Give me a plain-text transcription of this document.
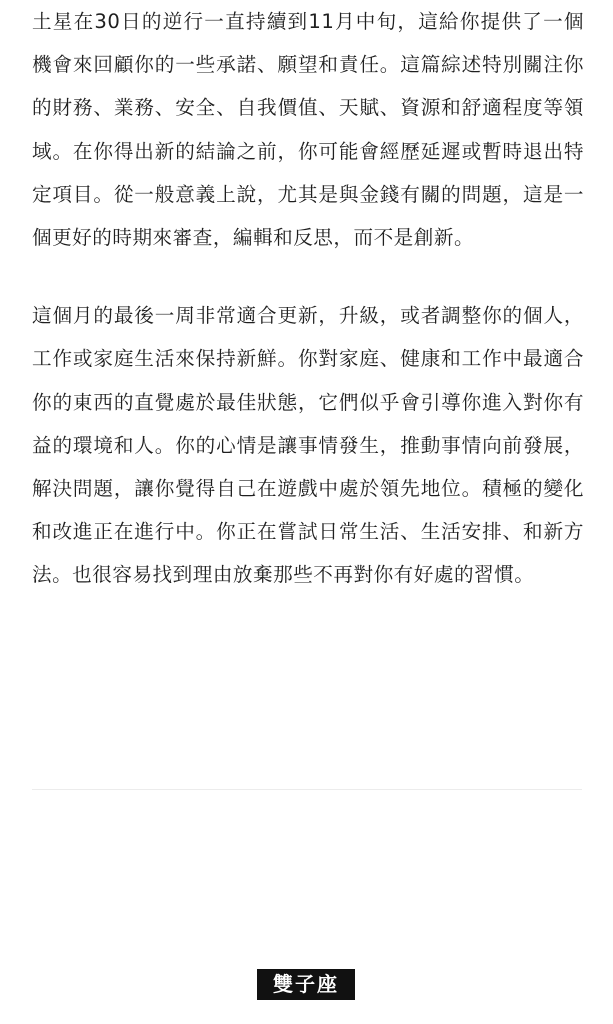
土星在30日的逆行一直持續到11月中旬，這給你提供了一個機會來回顧你的一些承諾、願望和責任。這篇綜述特別關注你的財務、業務、安全、自我價值、天賦、資源和舒適程度等領域。在你得出新的結論之前，你可能會經歷延遲或暫時退出特定項目。從一般意義上說，尤其是與金錢有關的問題，這是一個更好的時期來審查，編輯和反思，而不是創新。

這個月的最後一周非常適合更新，升級，或者調整你的個人，工作或家庭生活來保持新鮮。你對家庭、健康和工作中最適合你的東西的直覺處於最佳狀態，它們似乎會引導你進入對你有益的環境和人。你的心情是讓事情發生，推動事情向前發展，解決問題，讓你覺得自己在遊戲中處於領先地位。積極的變化和改進正在進行中。你正在嘗試日常生活、生活安排、和新方法。也很容易找到理由放棄那些不再對你有好處的習慣。

雙子座
